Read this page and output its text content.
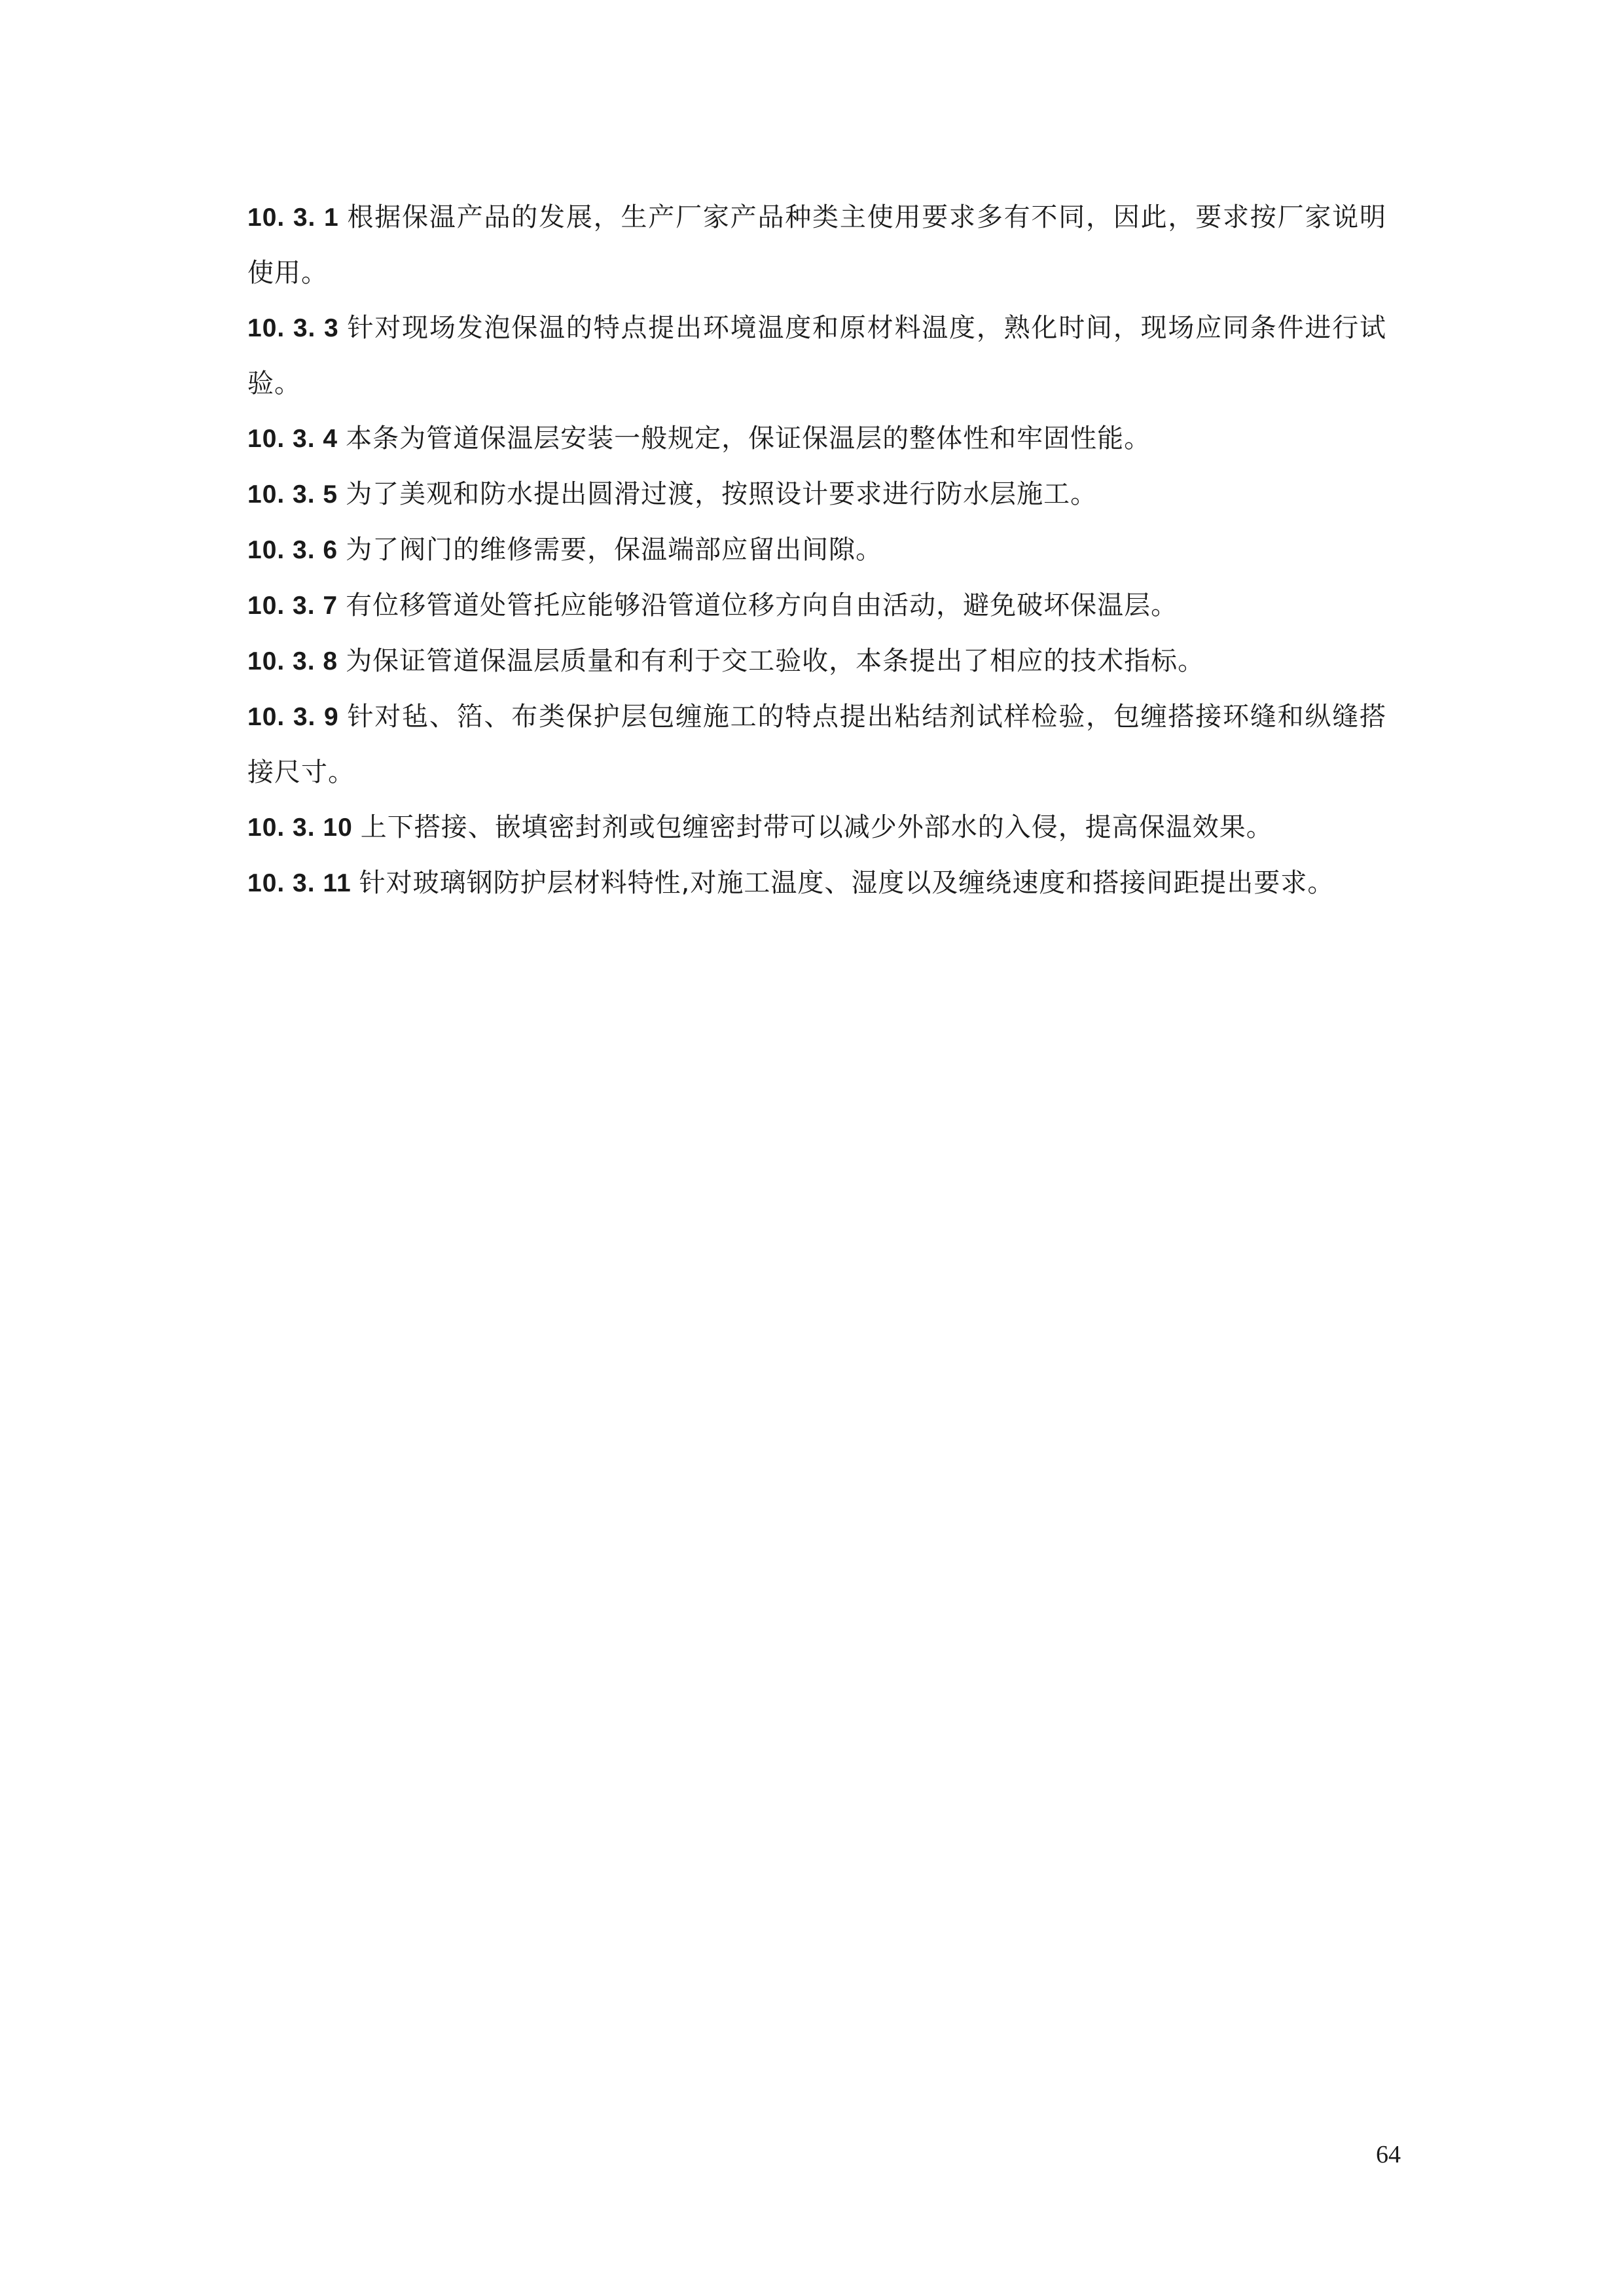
10. 3. 1 根据保温产品的发展，生产厂家产品种类主使用要求多有不同，因此，要求按厂家说明使用。

10. 3. 3 针对现场发泡保温的特点提出环境温度和原材料温度，熟化时间，现场应同条件进行试验。

10. 3. 4 本条为管道保温层安装一般规定，保证保温层的整体性和牢固性能。

10. 3. 5 为了美观和防水提出圆滑过渡，按照设计要求进行防水层施工。

10. 3. 6 为了阀门的维修需要，保温端部应留出间隙。

10. 3. 7 有位移管道处管托应能够沿管道位移方向自由活动，避免破坏保温层。

10. 3. 8 为保证管道保温层质量和有利于交工验收，本条提出了相应的技术指标。

10. 3. 9 针对毡、箔、布类保护层包缠施工的特点提出粘结剂试样检验，包缠搭接环缝和纵缝搭接尺寸。

10. 3. 10 上下搭接、嵌填密封剂或包缠密封带可以减少外部水的入侵，提高保温效果。

10. 3. 11 针对玻璃钢防护层材料特性,对施工温度、湿度以及缠绕速度和搭接间距提出要求。

64
